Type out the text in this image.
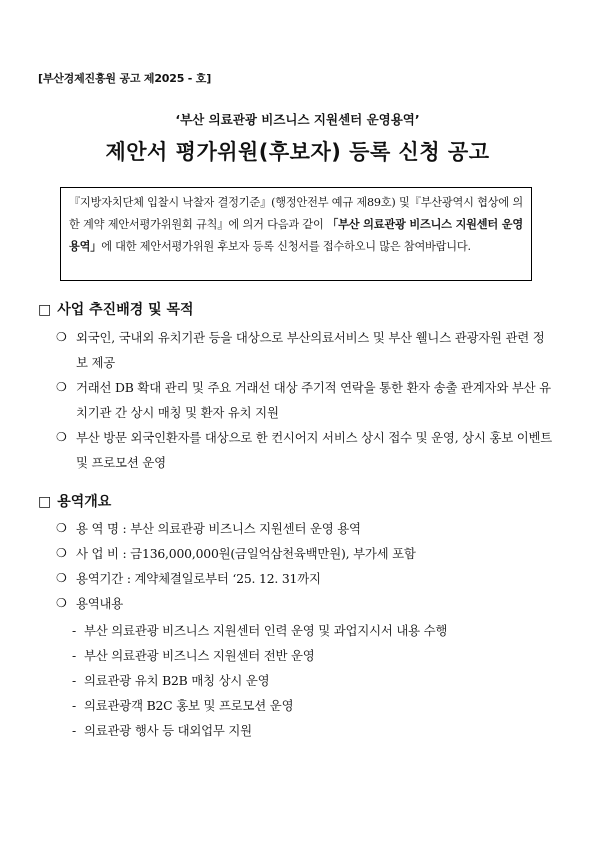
[부산경제진흥원 공고 제2025 - 호]
‘부산 의료관광 비즈니스 지원센터 운영용역’
제안서 평가위원(후보자) 등록 신청 공고
『지방자치단체 입찰시 낙찰자 결정기준』(행정안전부 예규 제89호) 및『부산광역시 협상에 의한 계약 제안서평가위원회 규칙』에 의거 다음과 같이 「부산 의료관광 비즈니스 지원센터 운영 용역」에 대한 제안서평가위원 후보자 등록 신청서를 접수하오니 많은 참여바랍니다.
□ 사업 추진배경 및 목적
❍ 외국인, 국내외 유치기관 등을 대상으로 부산의료서비스 및 부산 웰니스 관광자원 관련 정보 제공
❍ 거래선 DB 확대 관리 및 주요 거래선 대상 주기적 연락을 통한 환자 송출 관계자와 부산 유치기관 간 상시 매칭 및 환자 유치 지원
❍ 부산 방문 외국인환자를 대상으로 한 컨시어지 서비스 상시 접수 및 운영, 상시 홍보 이벤트 및 프로모션 운영
□ 용역개요
❍ 용 역 명 : 부산 의료관광 비즈니스 지원센터 운영 용역
❍ 사 업 비 : 금136,000,000원(금일억삼천육백만원), 부가세 포함
❍ 용역기간 : 계약체결일로부터 ‘25. 12. 31까지
❍ 용역내용
- 부산 의료관광 비즈니스 지원센터 인력 운영 및 과업지시서 내용 수행
- 부산 의료관광 비즈니스 지원센터 전반 운영
- 의료관광 유치 B2B 매칭 상시 운영
- 의료관광객 B2C 홍보 및 프로모션 운영
- 의료관광 행사 등 대외업무 지원
